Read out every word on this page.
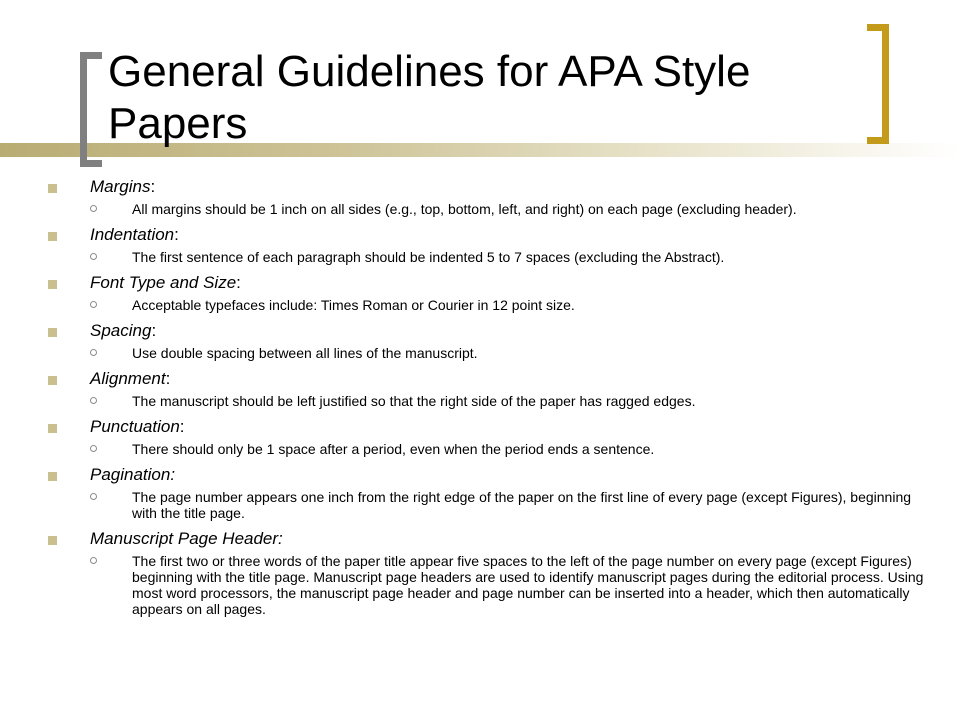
General Guidelines for APA Style Papers
Margins:
All margins should be 1 inch on all sides (e.g., top, bottom, left, and right) on each page (excluding header).
Indentation:
The first sentence of each paragraph should be indented 5 to 7 spaces (excluding the Abstract).
Font Type and Size:
Acceptable typefaces include: Times Roman or Courier in 12 point size.
Spacing:
Use double spacing between all lines of the manuscript.
Alignment:
The manuscript should be left justified so that the right side of the paper has ragged edges.
Punctuation:
There should only be 1 space after a period, even when the period ends a sentence.
Pagination:
The page number appears one inch from the right edge of the paper on the first line of every page (except Figures), beginning with the title page.
Manuscript Page Header:
The first two or three words of the paper title appear five spaces to the left of the page number on every page (except Figures) beginning with the title page. Manuscript page headers are used to identify manuscript pages during the editorial process. Using most word processors, the manuscript page header and page number can be inserted into a header, which then automatically appears on all pages.
